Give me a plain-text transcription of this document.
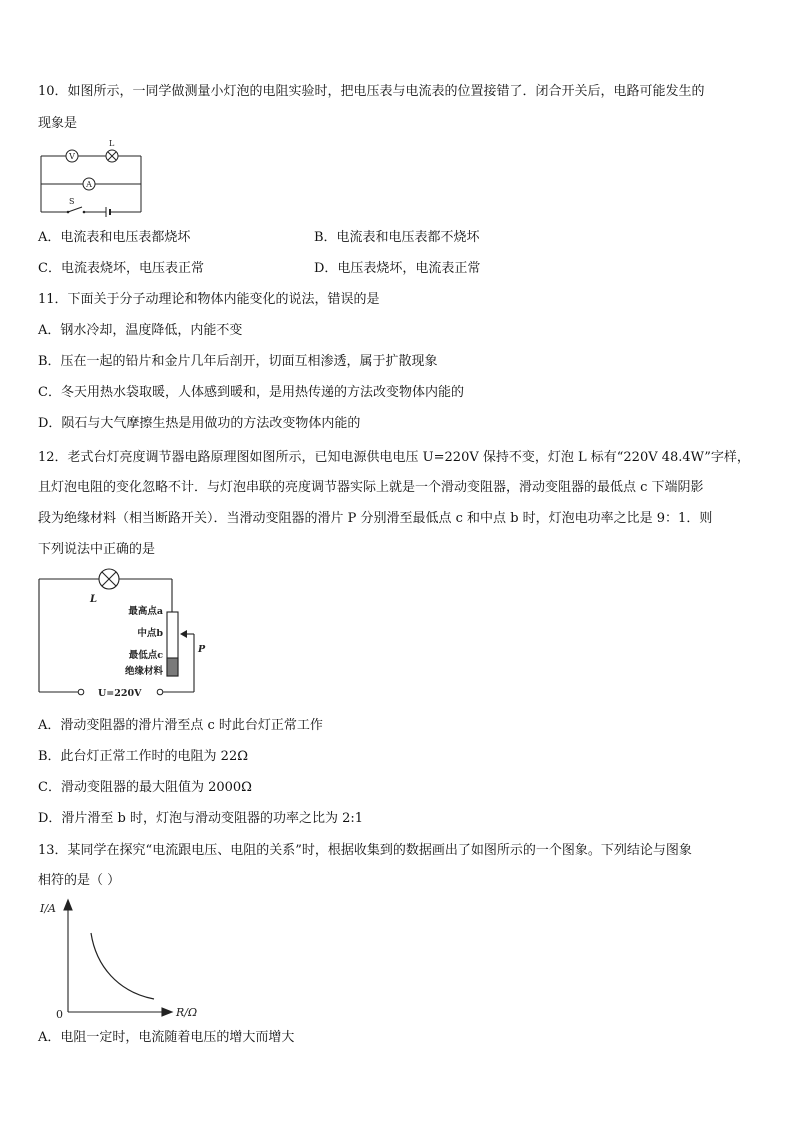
10．如图所示，一同学做测量小灯泡的电阻实验时，把电压表与电流表的位置接错了．闭合开关后，电路可能发生的
现象是
V
L
A
S
A．电流表和电压表都烧坏	B．电流表和电压表都不烧坏
C．电流表烧坏，电压表正常	D．电压表烧坏，电流表正常
11．下面关于分子动理论和物体内能变化的说法，错误的是
A．钢水冷却，温度降低，内能不变
B．压在一起的铅片和金片几年后剖开，切面互相渗透，属于扩散现象
C．冬天用热水袋取暖，人体感到暖和，是用热传递的方法改变物体内能的
D．陨石与大气摩擦生热是用做功的方法改变物体内能的
12．老式台灯亮度调节器电路原理图如图所示，已知电源供电电压 U=220V 保持不变，灯泡 L 标有“220V 48.4W”字样，
且灯泡电阻的变化忽略不计．与灯泡串联的亮度调节器实际上就是一个滑动变阻器，滑动变阻器的最低点 c 下端阴影
段为绝缘材料（相当断路开关）．当滑动变阻器的滑片 P 分别滑至最低点 c 和中点 b 时，灯泡电功率之比是 9：1．则
下列说法中正确的是
L
最高点a
中点b
最低点c
绝缘材料
P
U=220V
A．滑动变阻器的滑片滑至点 c 时此台灯正常工作
B．此台灯正常工作时的电阻为 22Ω
C．滑动变阻器的最大阻值为 2000Ω
D．滑片滑至 b 时，灯泡与滑动变阻器的功率之比为 2:1
13．某同学在探究“电流跟电压、电阻的关系”时，根据收集到的数据画出了如图所示的一个图象。下列结论与图象
相符的是（ ）
I/A
R/Ω
0
A．电阻一定时，电流随着电压的增大而增大
